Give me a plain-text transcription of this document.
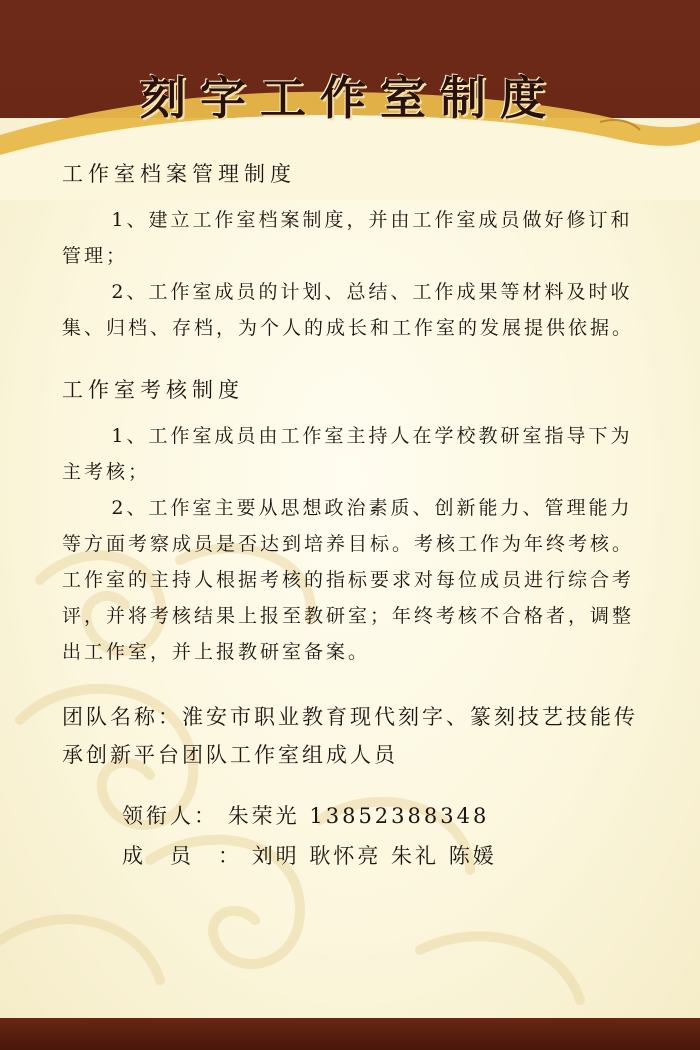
刻字工作室制度
工作室档案管理制度

1、建立工作室档案制度，并由工作室成员做好修订和管理；

2、工作室成员的计划、总结、工作成果等材料及时收集、归档、存档，为个人的成长和工作室的发展提供依据。

工作室考核制度

1、工作室成员由工作室主持人在学校教研室指导下为主考核；

2、工作室主要从思想政治素质、创新能力、管理能力等方面考察成员是否达到培养目标。考核工作为年终考核。工作室的主持人根据考核的指标要求对每位成员进行综合考评，并将考核结果上报至教研室；年终考核不合格者，调整出工作室，并上报教研室备案。

团队名称：淮安市职业教育现代刻字、篆刻技艺技能传承创新平台团队工作室组成人员
领衔人： 朱荣光 13852388348
成　员　： 刘明 耿怀亮 朱礼 陈媛
